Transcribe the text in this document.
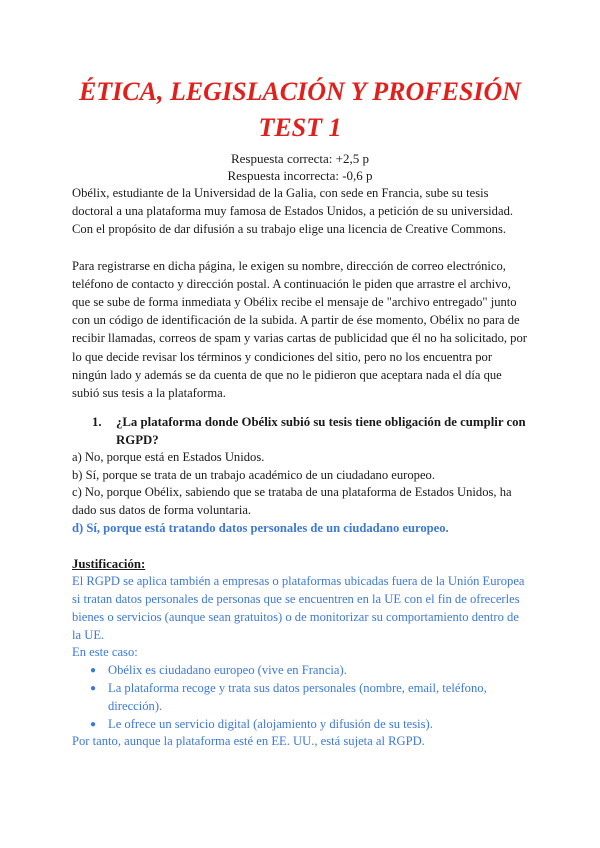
ÉTICA, LEGISLACIÓN Y PROFESIÓN
TEST 1
Respuesta correcta: +2,5 p
Respuesta incorrecta: -0,6 p

Obélix, estudiante de la Universidad de la Galia, con sede en Francia, sube su tesis doctoral a una plataforma muy famosa de Estados Unidos, a petición de su universidad. Con el propósito de dar difusión a su trabajo elige una licencia de Creative Commons.

Para registrarse en dicha página, le exigen su nombre, dirección de correo electrónico, teléfono de contacto y dirección postal. A continuación le piden que arrastre el archivo, que se sube de forma inmediata y Obélix recibe el mensaje de "archivo entregado" junto con un código de identificación de la subida. A partir de ése momento, Obélix no para de recibir llamadas, correos de spam y varias cartas de publicidad que él no ha solicitado, por lo que decide revisar los términos y condiciones del sitio, pero no los encuentra por ningún lado y además se da cuenta de que no le pidieron que aceptara nada el día que subió sus tesis a la plataforma.

1.	¿La plataforma donde Obélix subió su tesis tiene obligación de cumplir con RGPD?
a) No, porque está en Estados Unidos.
b) Sí, porque se trata de un trabajo académico de un ciudadano europeo.
c) No, porque Obélix, sabiendo que se trataba de una plataforma de Estados Unidos, ha dado sus datos de forma voluntaria.
d) Sí, porque está tratando datos personales de un ciudadano europeo.
Justificación:
El RGPD se aplica también a empresas o plataformas ubicadas fuera de la Unión Europea si tratan datos personales de personas que se encuentren en la UE con el fin de ofrecerles bienes o servicios (aunque sean gratuitos) o de monitorizar su comportamiento dentro de la UE.
En este caso:
● Obélix es ciudadano europeo (vive en Francia).
● La plataforma recoge y trata sus datos personales (nombre, email, teléfono, dirección).
● Le ofrece un servicio digital (alojamiento y difusión de su tesis).
Por tanto, aunque la plataforma esté en EE. UU., está sujeta al RGPD.
